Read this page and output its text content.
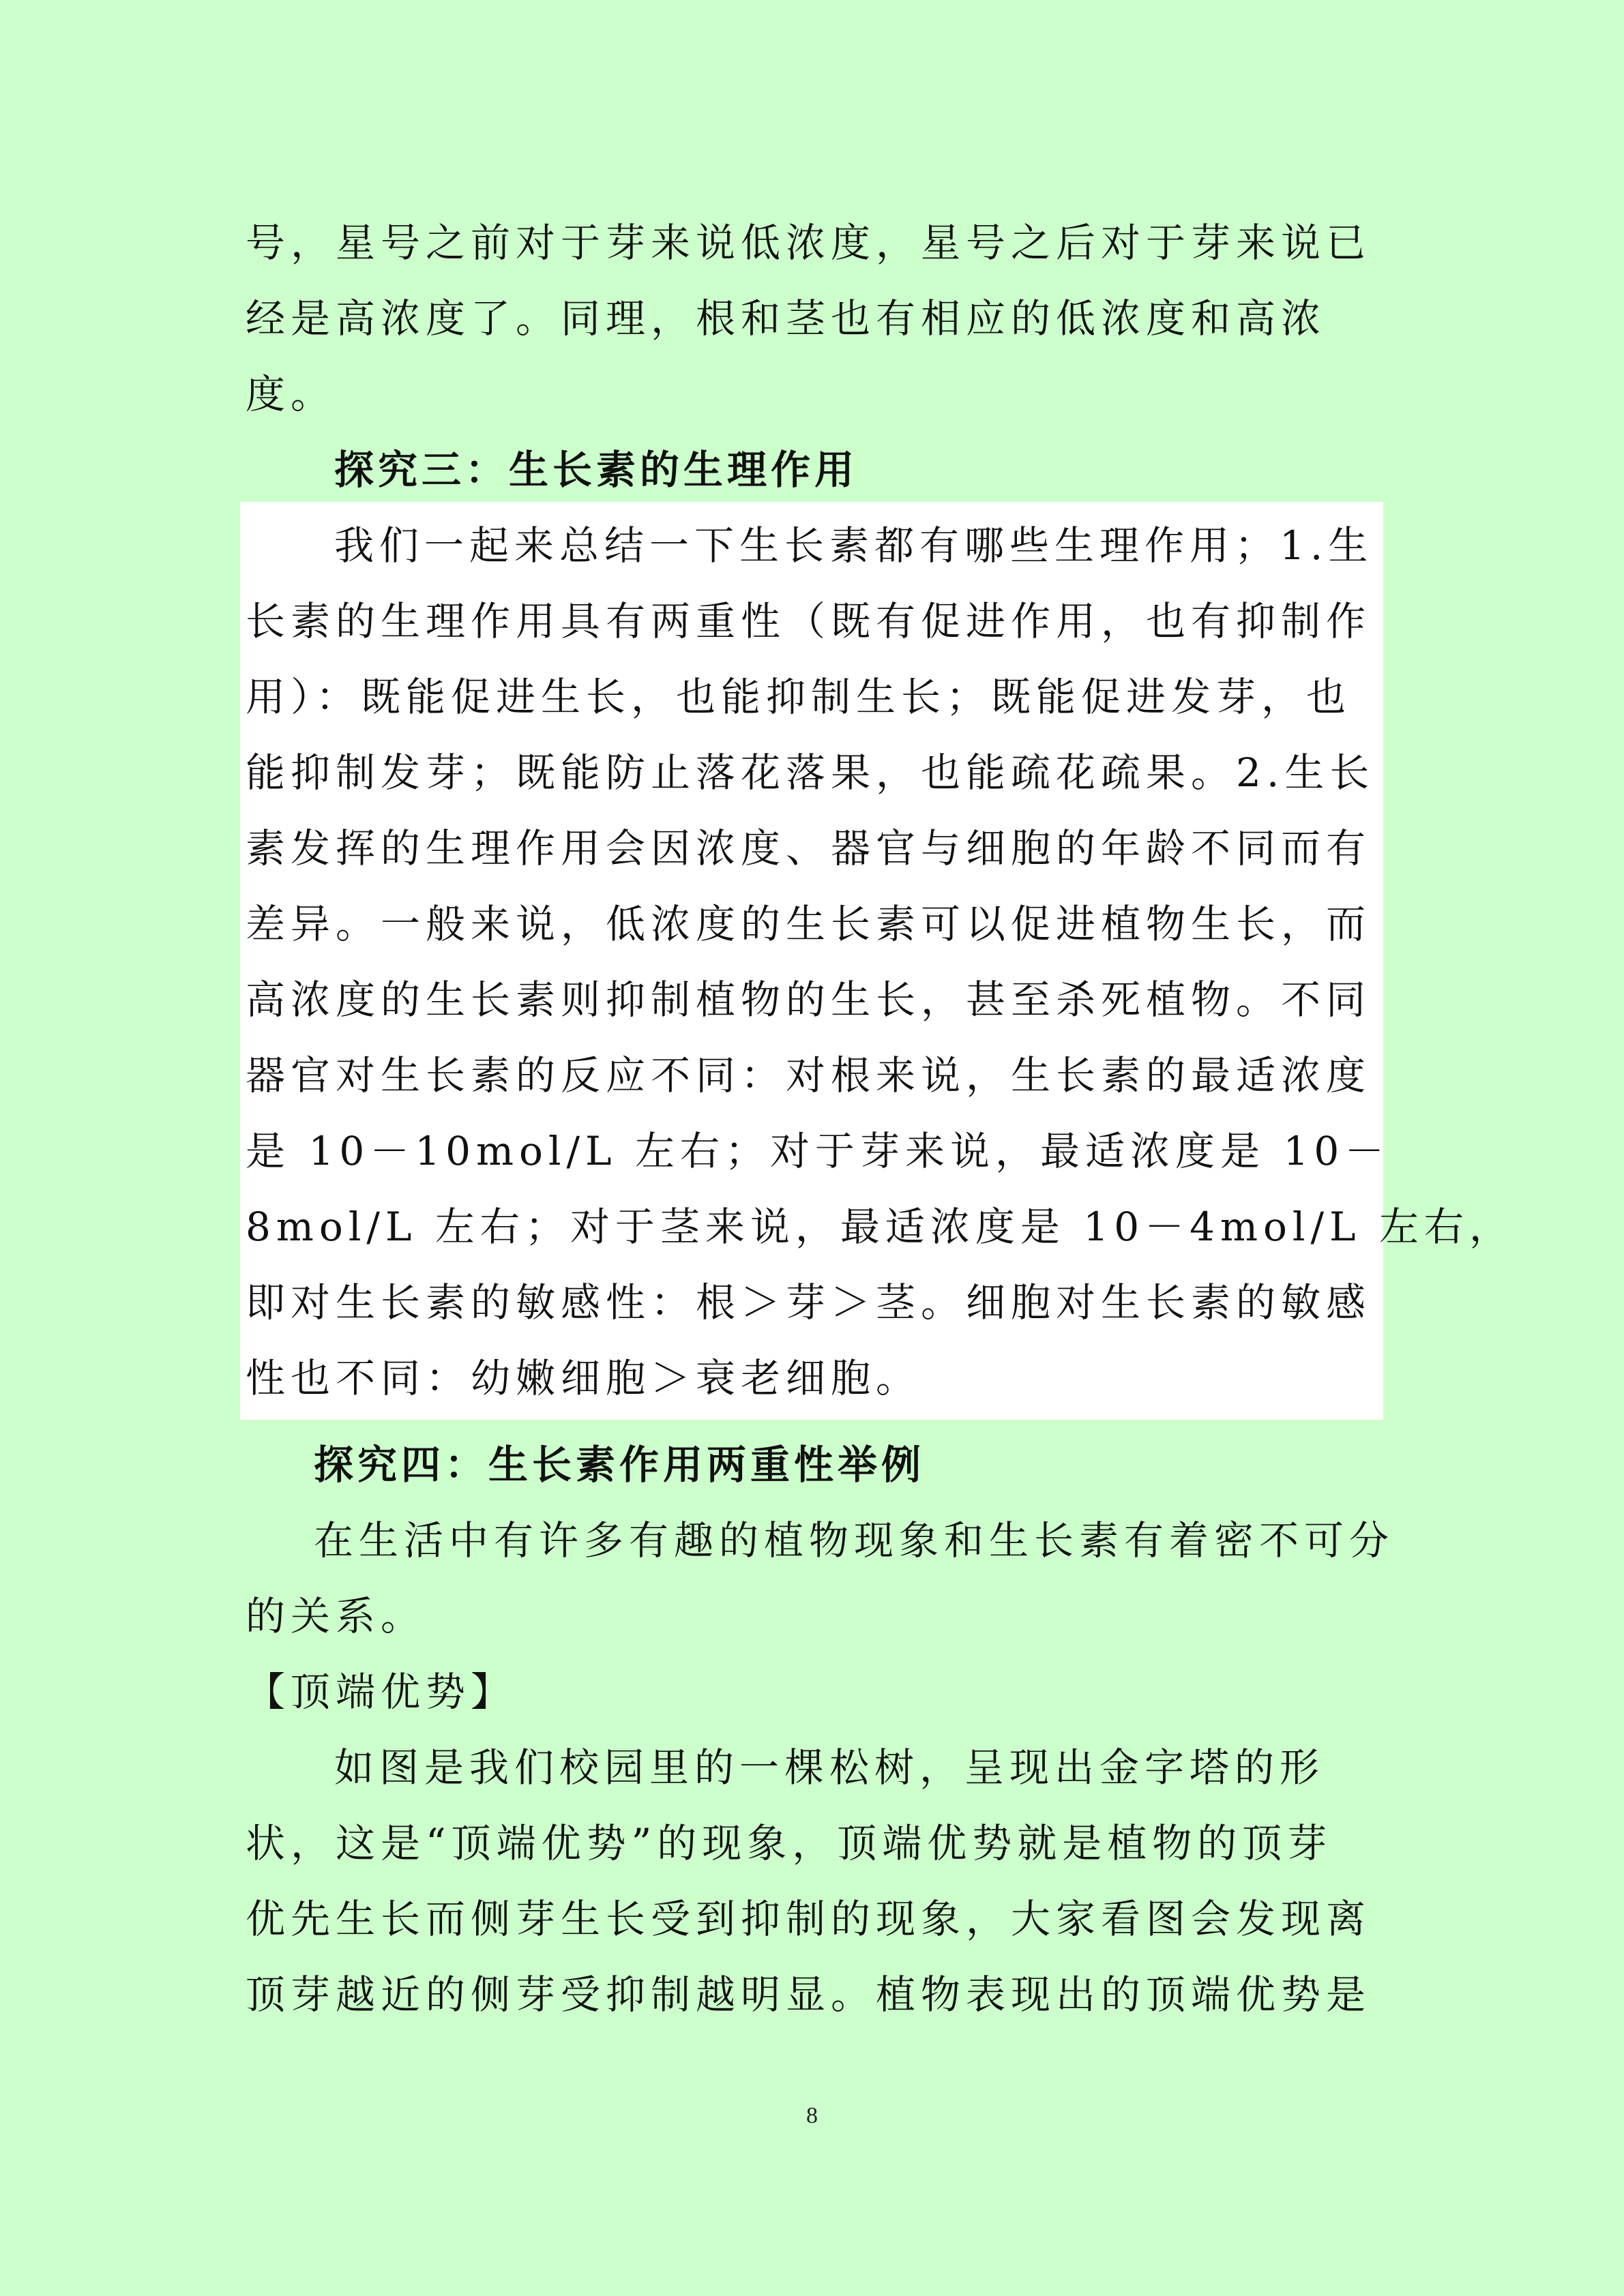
号，星号之前对于芽来说低浓度，星号之后对于芽来说已
经是高浓度了。同理，根和茎也有相应的低浓度和高浓
度。
探究三：生长素的生理作用
我们一起来总结一下生长素都有哪些生理作用；1.生
长素的生理作用具有两重性（既有促进作用，也有抑制作
用）：既能促进生长，也能抑制生长；既能促进发芽，也
能抑制发芽；既能防止落花落果，也能疏花疏果。2.生长
素发挥的生理作用会因浓度、器官与细胞的年龄不同而有
差异。一般来说，低浓度的生长素可以促进植物生长，而
高浓度的生长素则抑制植物的生长，甚至杀死植物。不同
器官对生长素的反应不同：对根来说，生长素的最适浓度
是 10－10mol/L 左右；对于芽来说，最适浓度是 10－
8mol/L 左右；对于茎来说，最适浓度是 10－4mol/L 左右，
即对生长素的敏感性：根＞芽＞茎。细胞对生长素的敏感
性也不同：幼嫩细胞＞衰老细胞。
探究四：生长素作用两重性举例
在生活中有许多有趣的植物现象和生长素有着密不可分
的关系。
【顶端优势】
如图是我们校园里的一棵松树，呈现出金字塔的形
状，这是“顶端优势”的现象，顶端优势就是植物的顶芽
优先生长而侧芽生长受到抑制的现象，大家看图会发现离
顶芽越近的侧芽受抑制越明显。植物表现出的顶端优势是
8
